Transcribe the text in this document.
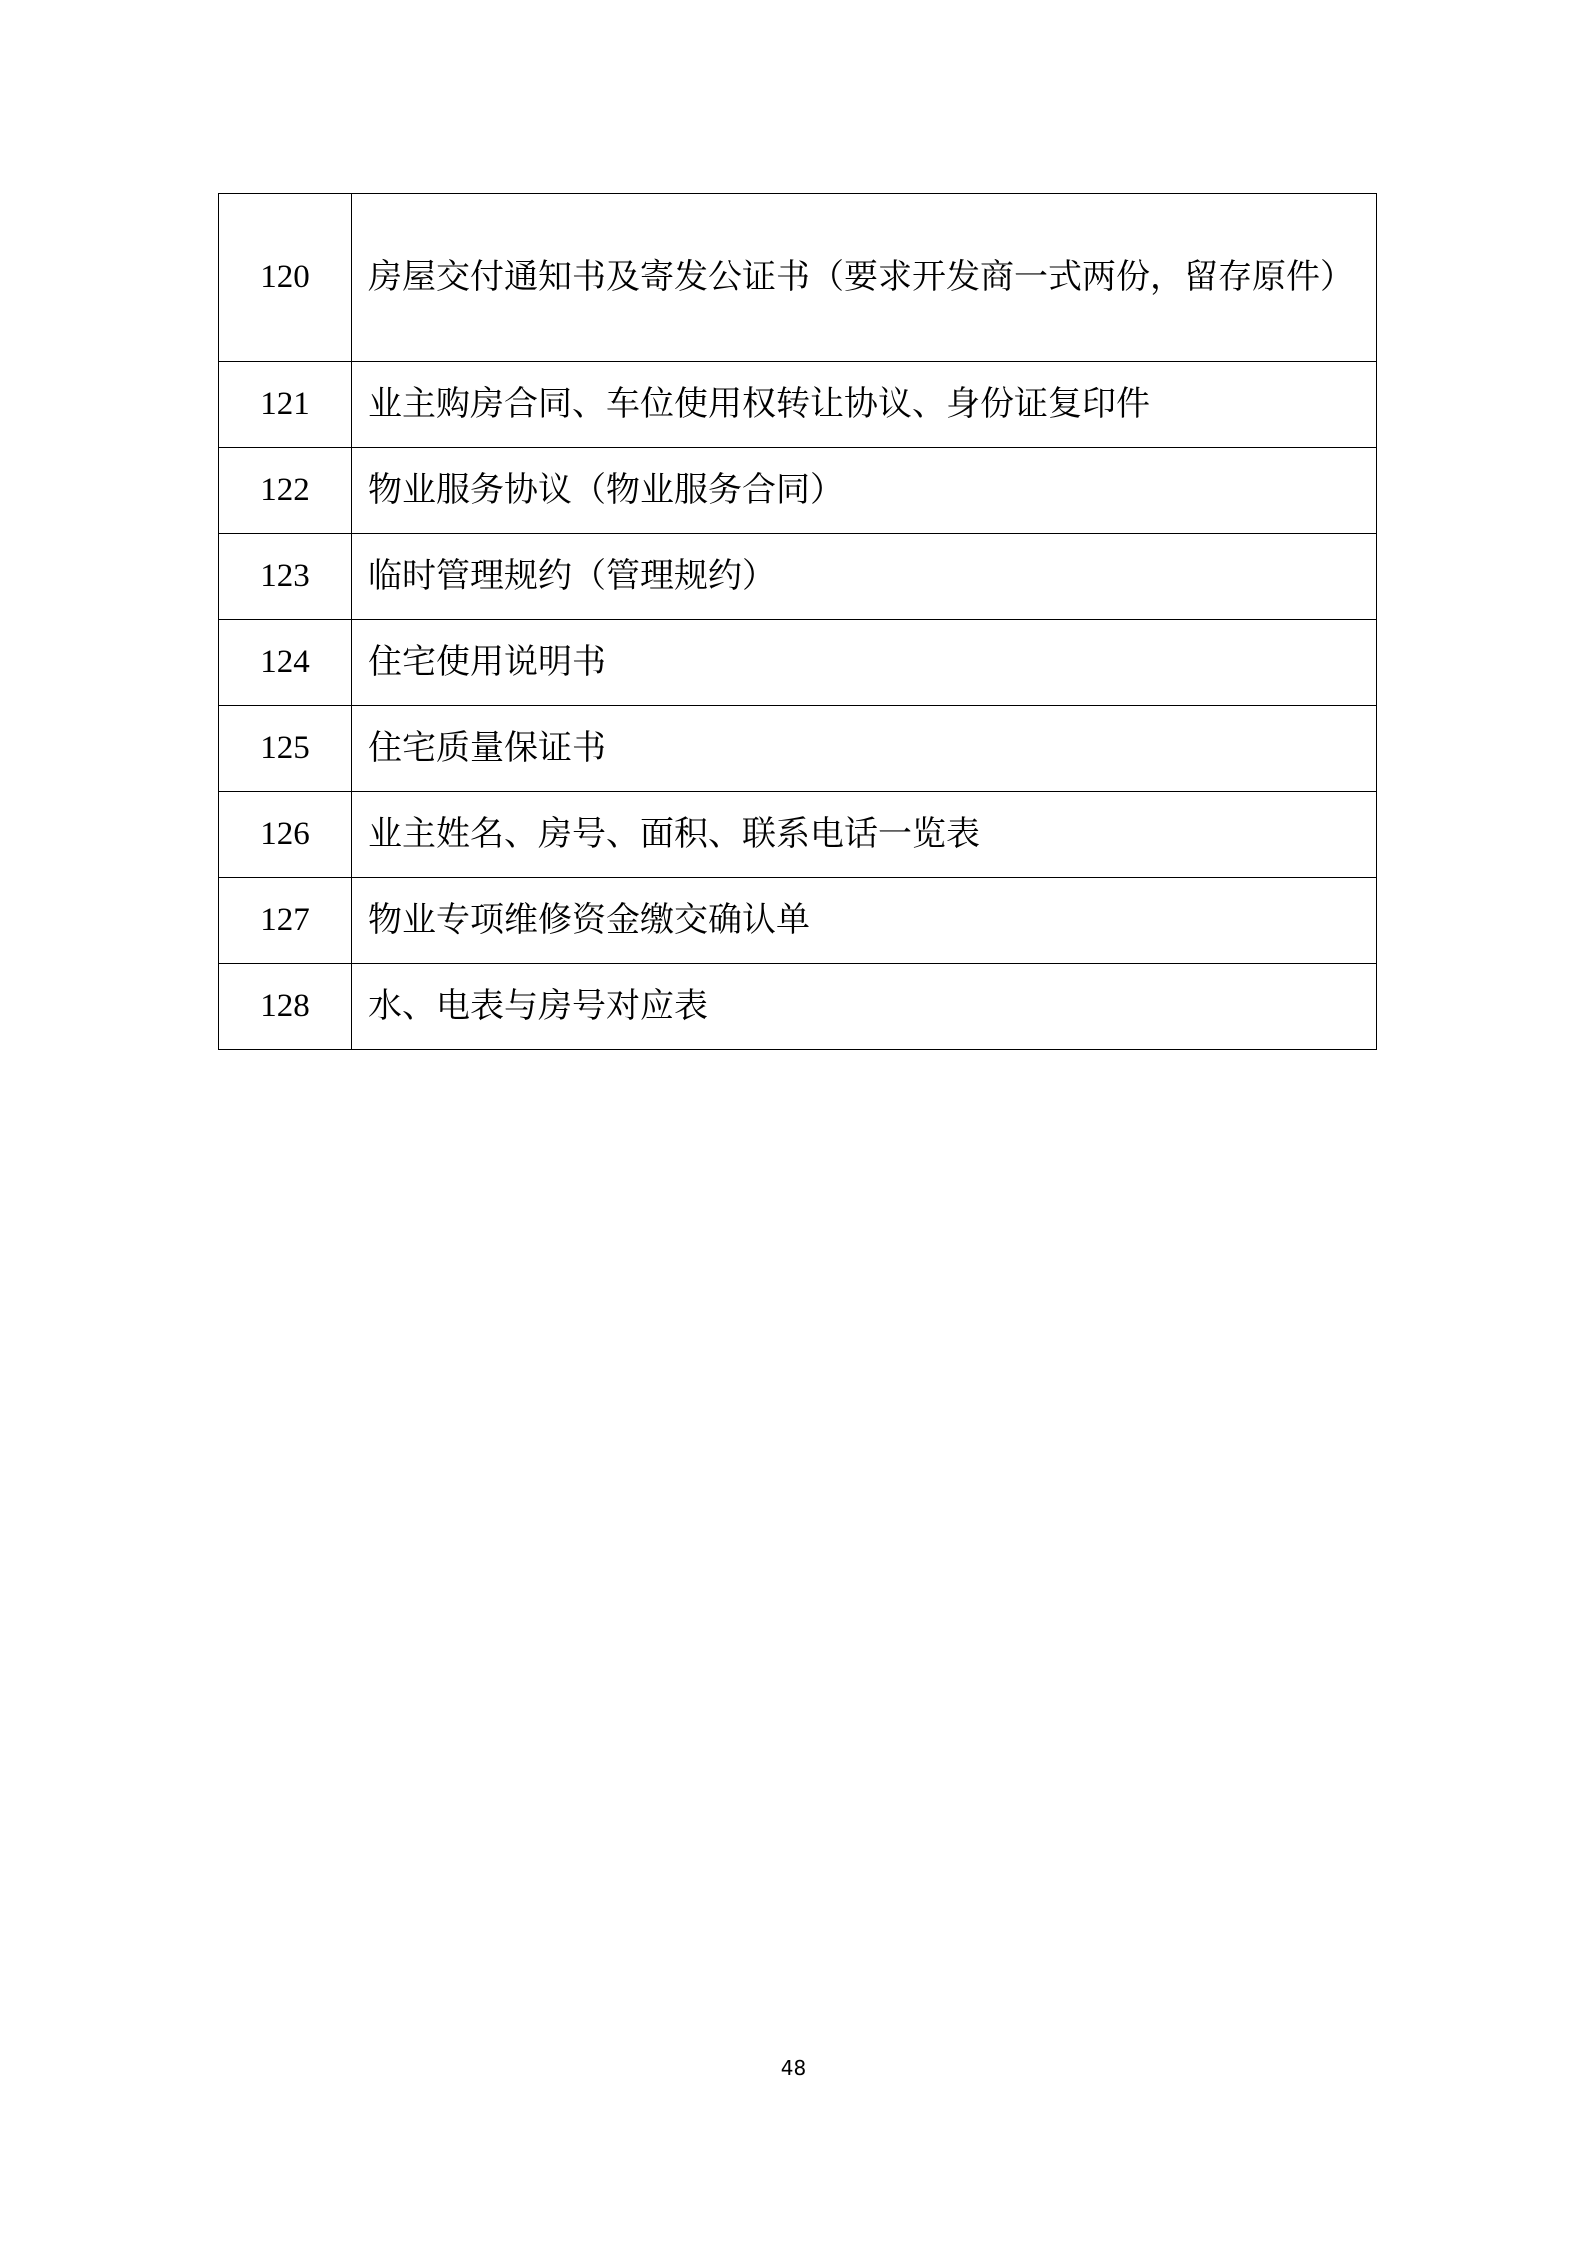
120	房屋交付通知书及寄发公证书（要求开发商一式两份，留存原件）
121	业主购房合同、车位使用权转让协议、身份证复印件
122	物业服务协议（物业服务合同）
123	临时管理规约（管理规约）
124	住宅使用说明书
125	住宅质量保证书
126	业主姓名、房号、面积、联系电话一览表
127	物业专项维修资金缴交确认单
128	水、电表与房号对应表
48
